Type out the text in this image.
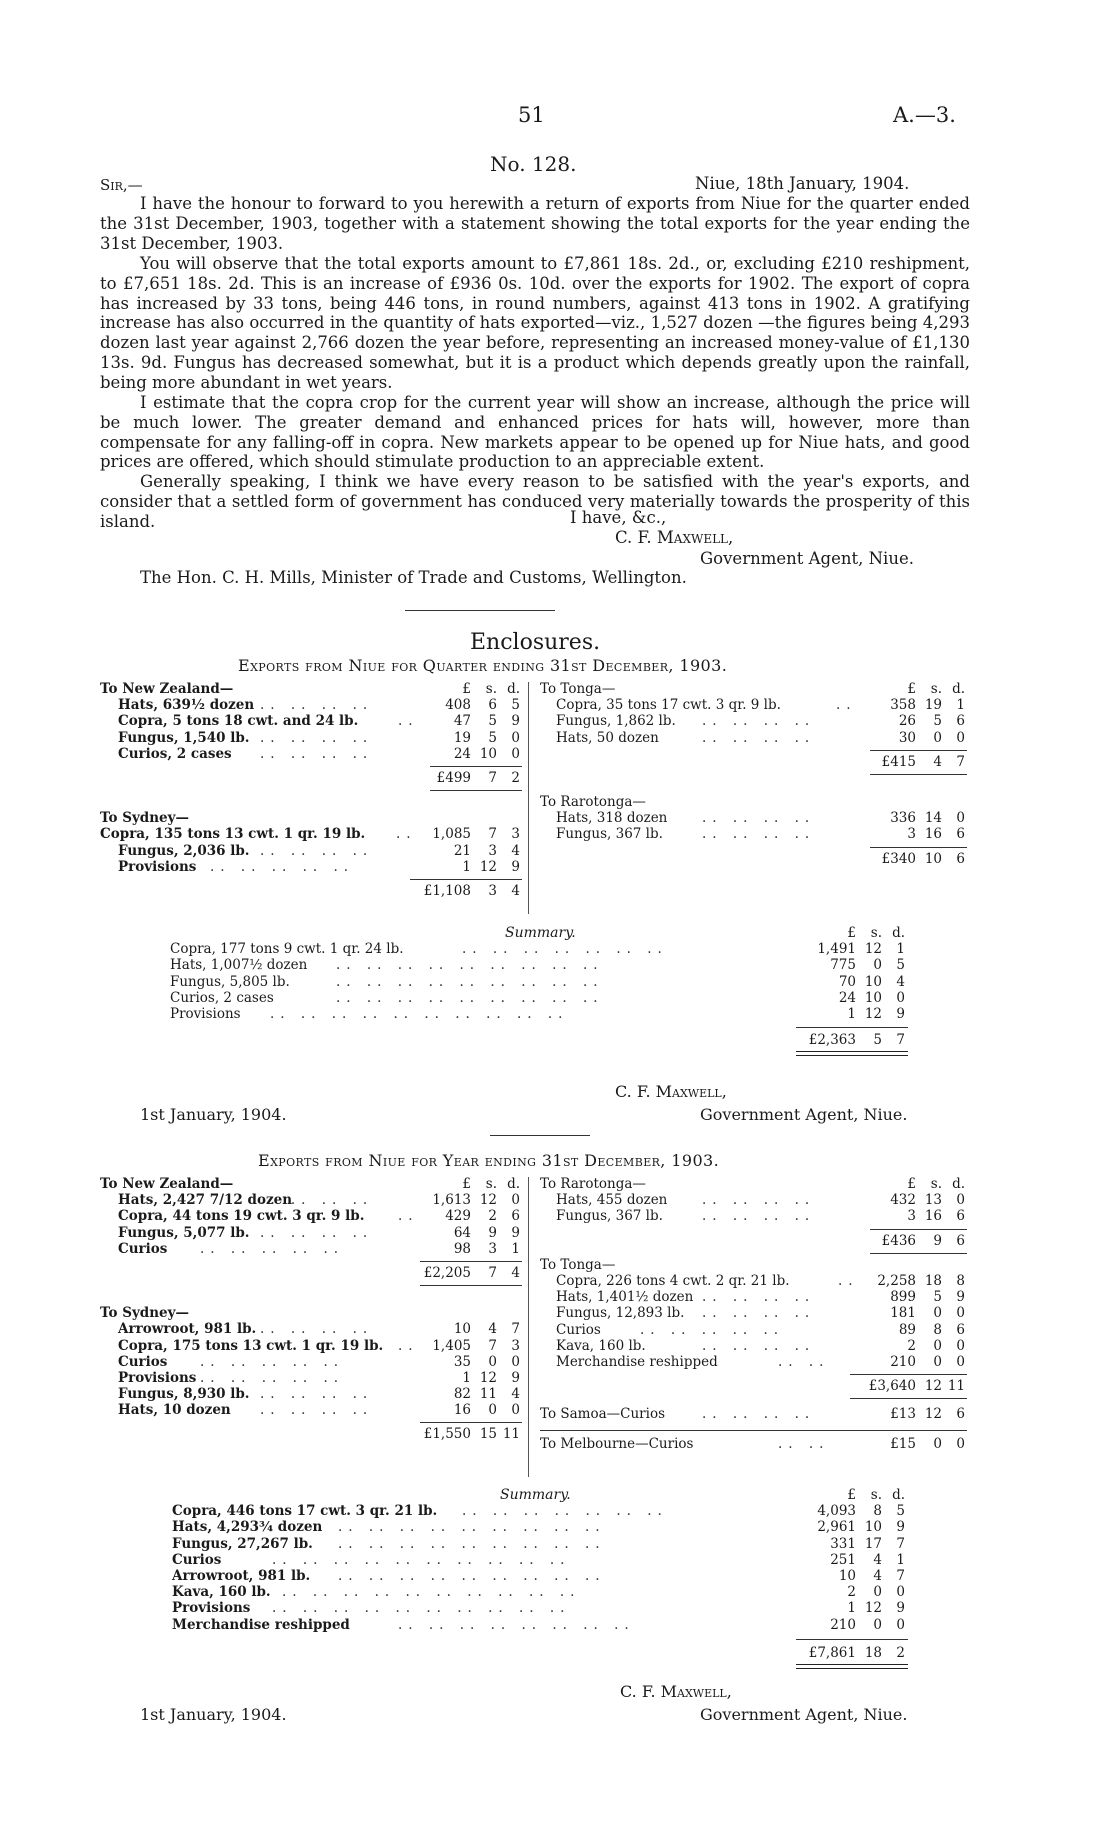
51	A.—3.
No. 128.
Sir,—	Niue, 18th January, 1904.

I have the honour to forward to you herewith a return of exports from Niue for the quarter ended the 31st December, 1903, together with a statement showing the total exports for the year ending the 31st December, 1903.

You will observe that the total exports amount to £7,861 18s. 2d., or, excluding £210 reshipment, to £7,651 18s. 2d. This is an increase of £936 0s. 10d. over the exports for 1902. The export of copra has increased by 33 tons, being 446 tons, in round numbers, against 413 tons in 1902. A gratifying increase has also occurred in the quantity of hats exported—viz., 1,527 dozen —the figures being 4,293 dozen last year against 2,766 dozen the year before, representing an increased money-value of £1,130 13s. 9d. Fungus has decreased somewhat, but it is a product which depends greatly upon the rainfall, being more abundant in wet years.

I estimate that the copra crop for the current year will show an increase, although the price will be much lower. The greater demand and enhanced prices for hats will, however, more than compensate for any falling-off in copra. New markets appear to be opened up for Niue hats, and good prices are offered, which should stimulate production to an appreciable extent.

Generally speaking, I think we have every reason to be satisfied with the year's exports, and consider that a settled form of government has conduced very materially towards the prosperity of this island.	I have, &c.,
C. F. Maxwell,
Government Agent, Niue.
The Hon. C. H. Mills, Minister of Trade and Customs, Wellington.
Enclosures.
Exports from Niue for Quarter ending 31st December, 1903.
To New Zealand—	£	s. d.
Hats, 639½ dozen .. .. .. ..	408	6	5
Copra, 5 tons 18 cwt. and 24 lb.	..	47	5	9
Fungus, 1,540 lb. .. .. .. ..	19	5	0
Curios, 2 cases .. .. .. ..	24 10	0
£499	7	2
To Sydney—
Copra, 135 tons 13 cwt. 1 qr. 19 lb. ..	1,085	7	3
Fungus, 2,036 lb. .. .. .. ..	21	3	4
Provisions .. .. .. .. ..	1 12	9
£1,108	3	4
To Tonga—	£	s. d.
Copra, 35 tons 17 cwt. 3 qr. 9 lb.	..	358 19	1
Fungus, 1,862 lb. .. .. .. ..	26	5	6
Hats, 50 dozen	.. .. .. ..	30	0	0
£415	4	7
To Rarotonga—
Hats, 318 dozen	.. .. .. ..	336 14	0
Fungus, 367 lb.	.. .. .. ..	3 16	6
£340 10	6
Summary.	£	s. d.
Copra, 177 tons 9 cwt. 1 qr. 24 lb.	.. .. .. .. .. .. ..	1,491 12	1
Hats, 1,007½ dozen .. .. .. .. .. .. .. .. ..	775	0	5
Fungus, 5,805 lb.	.. .. .. .. .. .. .. .. ..	70 10	4
Curios, 2 cases	.. .. .. .. .. .. .. .. ..	24 10	0
Provisions .. .. .. .. .. .. .. .. .. ..	1 12	9
£2,363	5	7
C. F. Maxwell,
1st January, 1904.	Government Agent, Niue.
Exports from Niue for Year ending 31st December, 1903.
To New Zealand—	£	s. d.
Hats, 2,427 7/12 dozen
.. .. .. ..	1,613 12	0
Copra, 44 tons 19 cwt. 3 qr. 9 lb. ..	429	2	6
Fungus, 5,077 lb. .. .. .. ..	64	9	9
Curios .. .. .. .. ..	98	3	1
£2,205	7	4
To Sydney—
Arrowroot, 981 lb. .. .. .. ..	10	4	7
Copra, 175 tons 13 cwt. 1 qr. 19 lb. ..	1,405	7	3
Curios .. .. .. .. ..	35	0	0
Provisions .. .. .. .. ..	1 12	9
Fungus, 8,930 lb. .. .. .. ..	82 11	4
Hats, 10 dozen .. .. .. ..	16	0	0
£1,550 15 11
To Rarotonga—	£	s. d.
Hats, 455 dozen	.. .. .. ..	432 13	0
Fungus, 367 lb.	.. .. .. ..	3 16	6
£436	9	6
To Tonga—
Copra, 226 tons 4 cwt. 2 qr. 21 lb.	..	2,258 18	8
Hats, 1,401½ dozen .. .. .. ..	899	5	9
Fungus, 12,893 lb. .. .. .. ..	181	0	0
Curios	.. .. .. .. ..	89	8	6
Kava, 160 lb.	.. .. .. ..	2	0	0
Merchandise reshipped	.. ..	210	0	0
£3,640 12 11
To Samoa—Curios	.. .. .. ..	£13 12	6
To Melbourne—Curios	.. ..	£15	0	0
Summary.	£	s. d.
Copra, 446 tons 17 cwt. 3 qr. 21 lb. .. .. .. .. .. .. ..	4,093	8	5
Hats, 4,293¾ dozen .. .. .. .. .. .. .. .. ..	2,961 10	9
Fungus, 27,267 lb. .. .. .. .. .. .. .. .. ..	331 17	7
Curios	.. .. .. .. .. .. .. .. .. ..	251	4	1
Arrowroot, 981 lb. .. .. .. .. .. .. .. .. ..	10	4	7
Kava, 160 lb. .. .. .. .. .. .. .. .. .. ..	2	0	0
Provisions .. .. .. .. .. .. .. .. .. ..	1 12	9
Merchandise reshipped	.. .. .. .. .. .. .. ..	210	0	0
£7,861 18	2
C. F. Maxwell,
1st January, 1904.	Government Agent, Niue.
